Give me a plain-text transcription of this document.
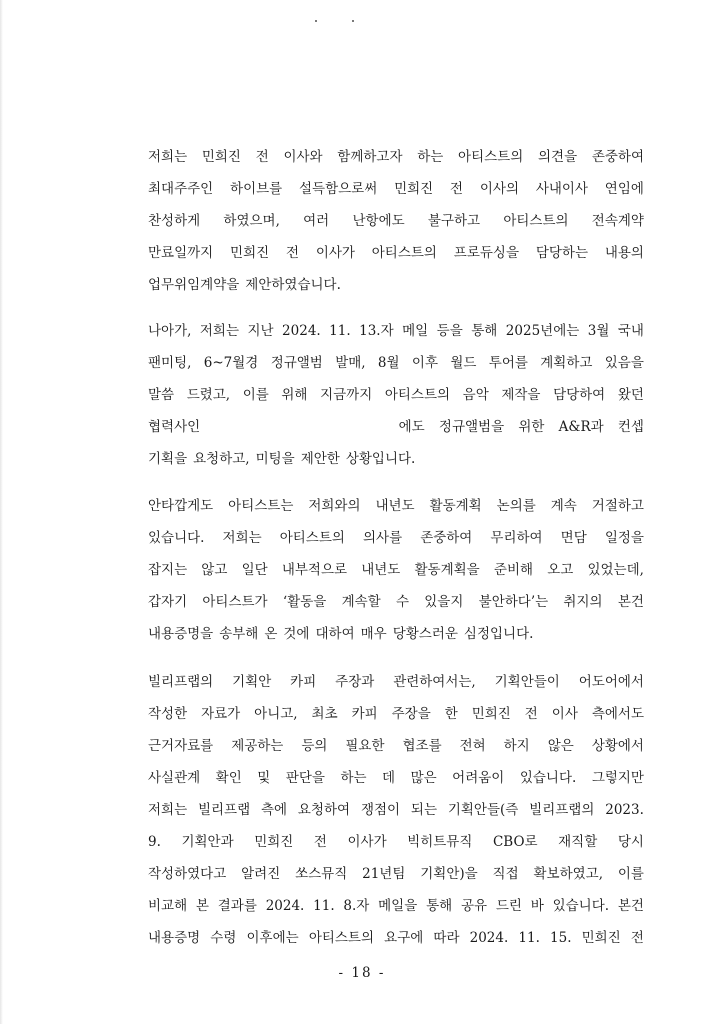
저희는 민희진 전 이사와 함께하고자 하는 아티스트의 의견을 존중하여
최대주주인 하이브를 설득함으로써 민희진 전 이사의 사내이사 연임에
찬성하게 하였으며, 여러 난항에도 불구하고 아티스트의 전속계약
만료일까지 민희진 전 이사가 아티스트의 프로듀싱을 담당하는 내용의
업무위임계약을 제안하였습니다.
나아가, 저희는 지난 2024. 11. 13.자 메일 등을 통해 2025년에는 3월 국내
팬미팅, 6~7월경 정규앨범 발매, 8월 이후 월드 투어를 계획하고 있음을
말씀 드렸고, 이를 위해 지금까지 아티스트의 음악 제작을 담당하여 왔던
협력사인	에도 정규앨범을 위한 A&R과 컨셉
기획을 요청하고, 미팅을 제안한 상황입니다.
안타깝게도 아티스트는 저희와의 내년도 활동계획 논의를 계속 거절하고
있습니다. 저희는 아티스트의 의사를 존중하여 무리하여 면담 일정을
잡지는 않고 일단 내부적으로 내년도 활동계획을 준비해 오고 있었는데,
갑자기 아티스트가 ‘활동을 계속할 수 있을지 불안하다’는 취지의 본건
내용증명을 송부해 온 것에 대하여 매우 당황스러운 심정입니다.
빌리프랩의 기획안 카피 주장과 관련하여서는, 기획안들이 어도어에서
작성한 자료가 아니고, 최초 카피 주장을 한 민희진 전 이사 측에서도
근거자료를 제공하는 등의 필요한 협조를 전혀 하지 않은 상황에서
사실관계 확인 및 판단을 하는 데 많은 어려움이 있습니다. 그렇지만
저희는 빌리프랩 측에 요청하여 쟁점이 되는 기획안들(즉 빌리프랩의 2023.
9. 기획안과 민희진 전 이사가 빅히트뮤직 CBO로 재직할 당시
작성하였다고 알려진 쏘스뮤직 21년팀 기획안)을 직접 확보하였고, 이를
비교해 본 결과를 2024. 11. 8.자 메일을 통해 공유 드린 바 있습니다. 본건
내용증명 수령 이후에는 아티스트의 요구에 따라 2024. 11. 15. 민희진 전
- 18 -
